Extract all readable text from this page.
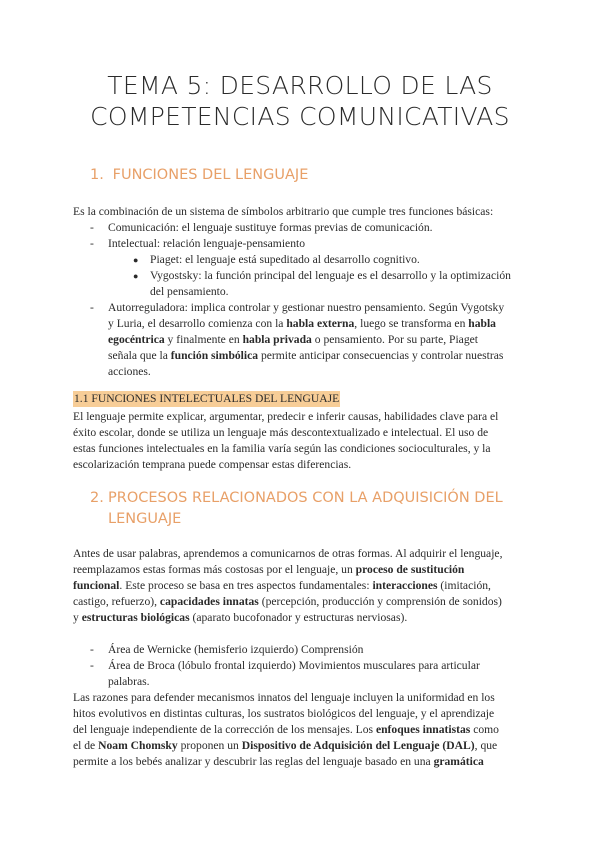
TEMA 5: DESARROLLO DE LAS
COMPETENCIAS COMUNICATIVAS
1. FUNCIONES DEL LENGUAJE
Es la combinación de un sistema de símbolos arbitrario que cumple tres funciones básicas:
- Comunicación: el lenguaje sustituye formas previas de comunicación.
- Intelectual: relación lenguaje-pensamiento
● Piaget: el lenguaje está supeditado al desarrollo cognitivo.
● Vygostsky: la función principal del lenguaje es el desarrollo y la optimización
del pensamiento.
- Autorreguladora: implica controlar y gestionar nuestro pensamiento. Según Vygotsky
y Luria, el desarrollo comienza con la habla externa, luego se transforma en habla
egocéntrica y finalmente en habla privada o pensamiento. Por su parte, Piaget
señala que la función simbólica permite anticipar consecuencias y controlar nuestras
acciones.
1.1 FUNCIONES INTELECTUALES DEL LENGUAJE
El lenguaje permite explicar, argumentar, predecir e inferir causas, habilidades clave para el
éxito escolar, donde se utiliza un lenguaje más descontextualizado e intelectual. El uso de
estas funciones intelectuales en la familia varía según las condiciones socioculturales, y la
escolarización temprana puede compensar estas diferencias.
2. PROCESOS RELACIONADOS CON LA ADQUISICIÓN DEL
LENGUAJE
Antes de usar palabras, aprendemos a comunicarnos de otras formas. Al adquirir el lenguaje,
reemplazamos estas formas más costosas por el lenguaje, un proceso de sustitución
funcional. Este proceso se basa en tres aspectos fundamentales: interacciones (imitación,
castigo, refuerzo), capacidades innatas (percepción, producción y comprensión de sonidos)
y estructuras biológicas (aparato bucofonador y estructuras nerviosas).
- Área de Wernicke (hemisferio izquierdo) Comprensión
- Área de Broca (lóbulo frontal izquierdo) Movimientos musculares para articular
palabras.
Las razones para defender mecanismos innatos del lenguaje incluyen la uniformidad en los
hitos evolutivos en distintas culturas, los sustratos biológicos del lenguaje, y el aprendizaje
del lenguaje independiente de la corrección de los mensajes. Los enfoques innatistas como
el de Noam Chomsky proponen un Dispositivo de Adquisición del Lenguaje (DAL), que
permite a los bebés analizar y descubrir las reglas del lenguaje basado en una gramática
